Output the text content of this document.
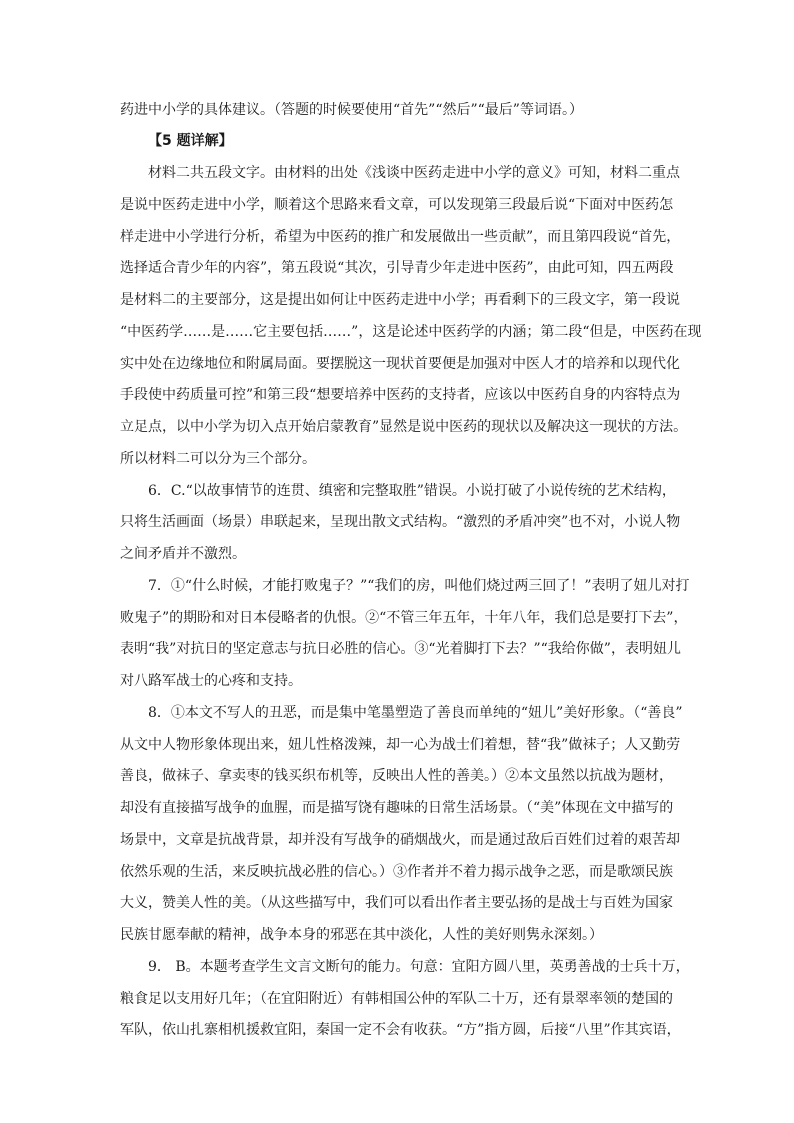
药进中小学的具体建议。（答题的时候要使用“首先”“然后”“最后”等词语。）
【5 题详解】
材料二共五段文字。由材料的出处《浅谈中医药走进中小学的意义》可知，材料二重点
是说中医药走进中小学，顺着这个思路来看文章，可以发现第三段最后说“下面对中医药怎
样走进中小学进行分析，希望为中医药的推广和发展做出一些贡献”，而且第四段说“首先，
选择适合青少年的内容”，第五段说“其次，引导青少年走进中医药”，由此可知，四五两段
是材料二的主要部分，这是提出如何让中医药走进中小学；再看剩下的三段文字，第一段说
“中医药学……是……它主要包括……”，这是论述中医药学的内涵；第二段“但是，中医药在现
实中处在边缘地位和附属局面。要摆脱这一现状首要便是加强对中医人才的培养和以现代化
手段使中药质量可控”和第三段“想要培养中医药的支持者，应该以中医药自身的内容特点为
立足点，以中小学为切入点开始启蒙教育”显然是说中医药的现状以及解决这一现状的方法。
所以材料二可以分为三个部分。
6．C.“以故事情节的连贯、缜密和完整取胜”错误。小说打破了小说传统的艺术结构，
只将生活画面（场景）串联起来，呈现出散文式结构。“激烈的矛盾冲突”也不对，小说人物
之间矛盾并不激烈。
7．①“什么时候，才能打败鬼子？”“我们的房，叫他们烧过两三回了！”表明了妞儿对打
败鬼子”的期盼和对日本侵略者的仇恨。②“不管三年五年，十年八年，我们总是要打下去”，
表明“我”对抗日的坚定意志与抗日必胜的信心。③“光着脚打下去？”“我给你做”，表明妞儿
对八路军战士的心疼和支持。
8．①本文不写人的丑恶，而是集中笔墨塑造了善良而单纯的“妞儿”美好形象。（“善良”
从文中人物形象体现出来，妞儿性格泼辣，却一心为战士们着想，替“我”做袜子；人又勤劳
善良，做袜子、拿卖枣的钱买织布机等，反映出人性的善美。）②本文虽然以抗战为题材，
却没有直接描写战争的血腥，而是描写饶有趣味的日常生活场景。（“美”体现在文中描写的
场景中，文章是抗战背景，却并没有写战争的硝烟战火，而是通过敌后百姓们过着的艰苦却
依然乐观的生活，来反映抗战必胜的信心。）③作者并不着力揭示战争之恶，而是歌颂民族
大义，赞美人性的美。（从这些描写中，我们可以看出作者主要弘扬的是战士与百姓为国家
民族甘愿奉献的精神，战争本身的邪恶在其中淡化，人性的美好则隽永深刻。）
9． B。本题考查学生文言文断句的能力。句意：宜阳方圆八里，英勇善战的士兵十万，
粮食足以支用好几年；（在宜阳附近）有韩相国公仲的军队二十万，还有景翠率领的楚国的
军队，依山扎寨相机援救宜阳，秦国一定不会有收获。“方”指方圆，后接“八里”作其宾语，
